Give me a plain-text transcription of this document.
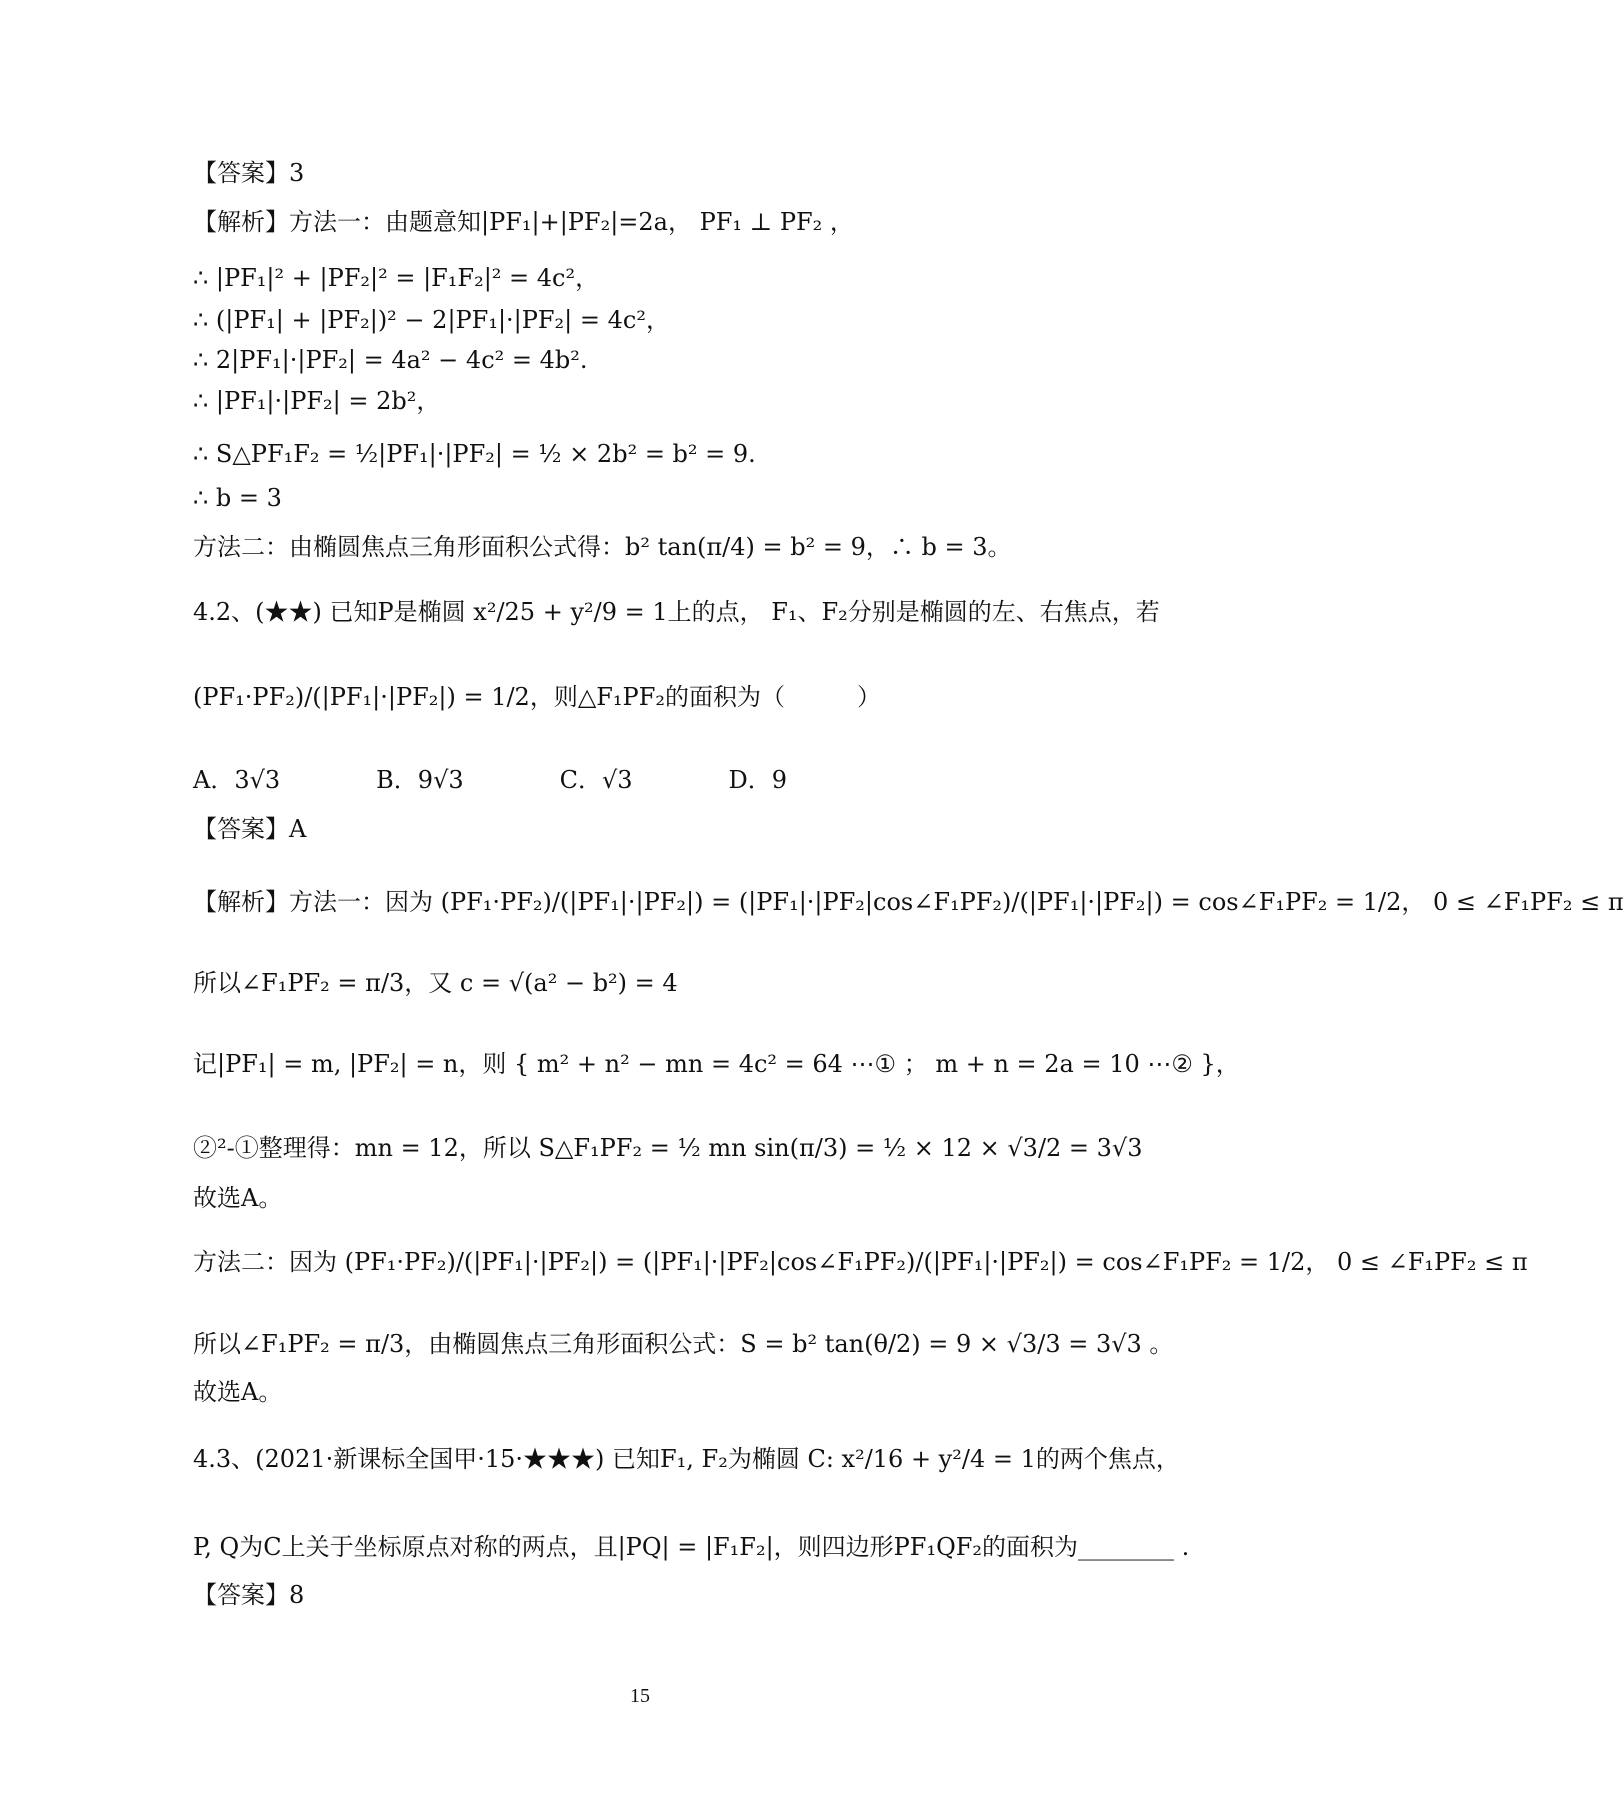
【答案】3
【解析】方法一：由题意知|PF₁|+|PF₂|=2a， PF₁ ⊥ PF₂ ，
∴ |PF₁|² + |PF₂|² = |F₁F₂|² = 4c²，
∴ (|PF₁| + |PF₂|)² − 2|PF₁|·|PF₂| = 4c²，
∴ 2|PF₁|·|PF₂| = 4a² − 4c² = 4b².
∴ |PF₁|·|PF₂| = 2b²，
∴ S△PF₁F₂ = ½|PF₁|·|PF₂| = ½ × 2b² = b² = 9.
∴ b = 3
方法二：由椭圆焦点三角形面积公式得：b² tan(π/4) = b² = 9，∴ b = 3。
4.2、(★★) 已知P是椭圆 x²/25 + y²/9 = 1上的点， F₁、F₂分别是椭圆的左、右焦点，若
(PF₁·PF₂)/(|PF₁|·|PF₂|) = 1/2，则△F₁PF₂的面积为（　　　）
A．3√3　　　　B．9√3　　　　C．√3　　　　D．9
【答案】A
【解析】方法一：因为 (PF₁·PF₂)/(|PF₁|·|PF₂|) = (|PF₁|·|PF₂|cos∠F₁PF₂)/(|PF₁|·|PF₂|) = cos∠F₁PF₂ = 1/2， 0 ≤ ∠F₁PF₂ ≤ π
所以∠F₁PF₂ = π/3，又 c = √(a² − b²) = 4
记|PF₁| = m, |PF₂| = n，则 { m² + n² − mn = 4c² = 64 ⋯① ； m + n = 2a = 10 ⋯② }，
②²-①整理得：mn = 12，所以 S△F₁PF₂ = ½ mn sin(π/3) = ½ × 12 × √3/2 = 3√3
故选A。
方法二：因为 (PF₁·PF₂)/(|PF₁|·|PF₂|) = (|PF₁|·|PF₂|cos∠F₁PF₂)/(|PF₁|·|PF₂|) = cos∠F₁PF₂ = 1/2， 0 ≤ ∠F₁PF₂ ≤ π
所以∠F₁PF₂ = π/3，由椭圆焦点三角形面积公式：S = b² tan(θ/2) = 9 × √3/3 = 3√3 。
故选A。
4.3、(2021·新课标全国甲·15·★★★) 已知F₁, F₂为椭圆 C: x²/16 + y²/4 = 1的两个焦点，
P, Q为C上关于坐标原点对称的两点，且|PQ| = |F₁F₂|，则四边形PF₁QF₂的面积为________ .
【答案】8
15
